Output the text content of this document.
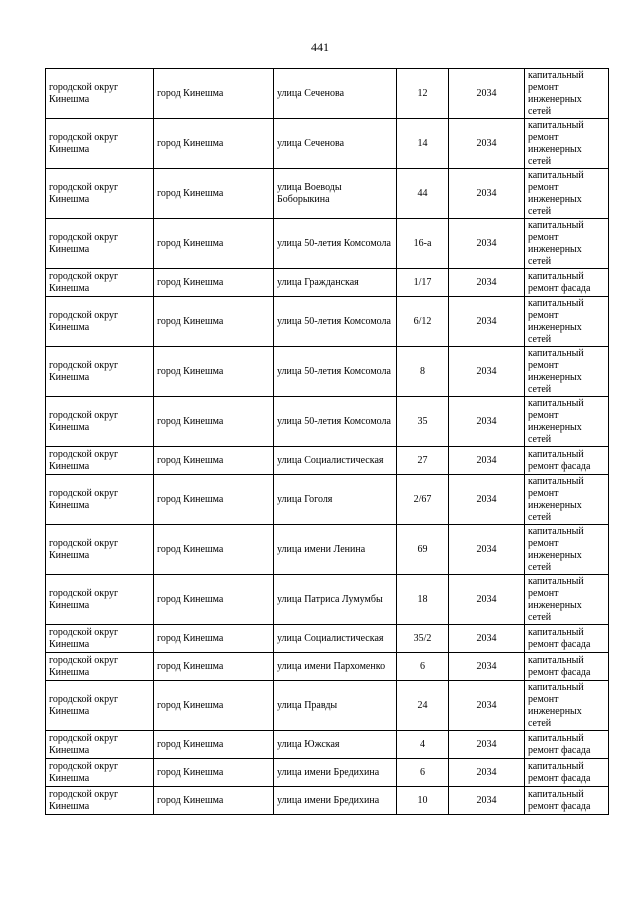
441
городской округ Кинешма	город Кинешма	улица Сеченова	12	2034	капитальный ремонт инженерных сетей
городской округ Кинешма	город Кинешма	улица Сеченова	14	2034	капитальный ремонт инженерных сетей
городской округ Кинешма	город Кинешма	улица Воеводы Боборыкина	44	2034	капитальный ремонт инженерных сетей
городской округ Кинешма	город Кинешма	улица 50-летия Комсомола	16-а	2034	капитальный ремонт инженерных сетей
городской округ Кинешма	город Кинешма	улица Гражданская	1/17	2034	капитальный ремонт фасада
городской округ Кинешма	город Кинешма	улица 50-летия Комсомола	6/12	2034	капитальный ремонт инженерных сетей
городской округ Кинешма	город Кинешма	улица 50-летия Комсомола	8	2034	капитальный ремонт инженерных сетей
городской округ Кинешма	город Кинешма	улица 50-летия Комсомола	35	2034	капитальный ремонт инженерных сетей
городской округ Кинешма	город Кинешма	улица Социалистическая	27	2034	капитальный ремонт фасада
городской округ Кинешма	город Кинешма	улица Гоголя	2/67	2034	капитальный ремонт инженерных сетей
городской округ Кинешма	город Кинешма	улица имени Ленина	69	2034	капитальный ремонт инженерных сетей
городской округ Кинешма	город Кинешма	улица Патриса Лумумбы	18	2034	капитальный ремонт инженерных сетей
городской округ Кинешма	город Кинешма	улица Социалистическая	35/2	2034	капитальный ремонт фасада
городской округ Кинешма	город Кинешма	улица имени Пархоменко	6	2034	капитальный ремонт фасада
городской округ Кинешма	город Кинешма	улица Правды	24	2034	капитальный ремонт инженерных сетей
городской округ Кинешма	город Кинешма	улица Южская	4	2034	капитальный ремонт фасада
городской округ Кинешма	город Кинешма	улица имени Бредихина	6	2034	капитальный ремонт фасада
городской округ Кинешма	город Кинешма	улица имени Бредихина	10	2034	капитальный ремонт фасада
